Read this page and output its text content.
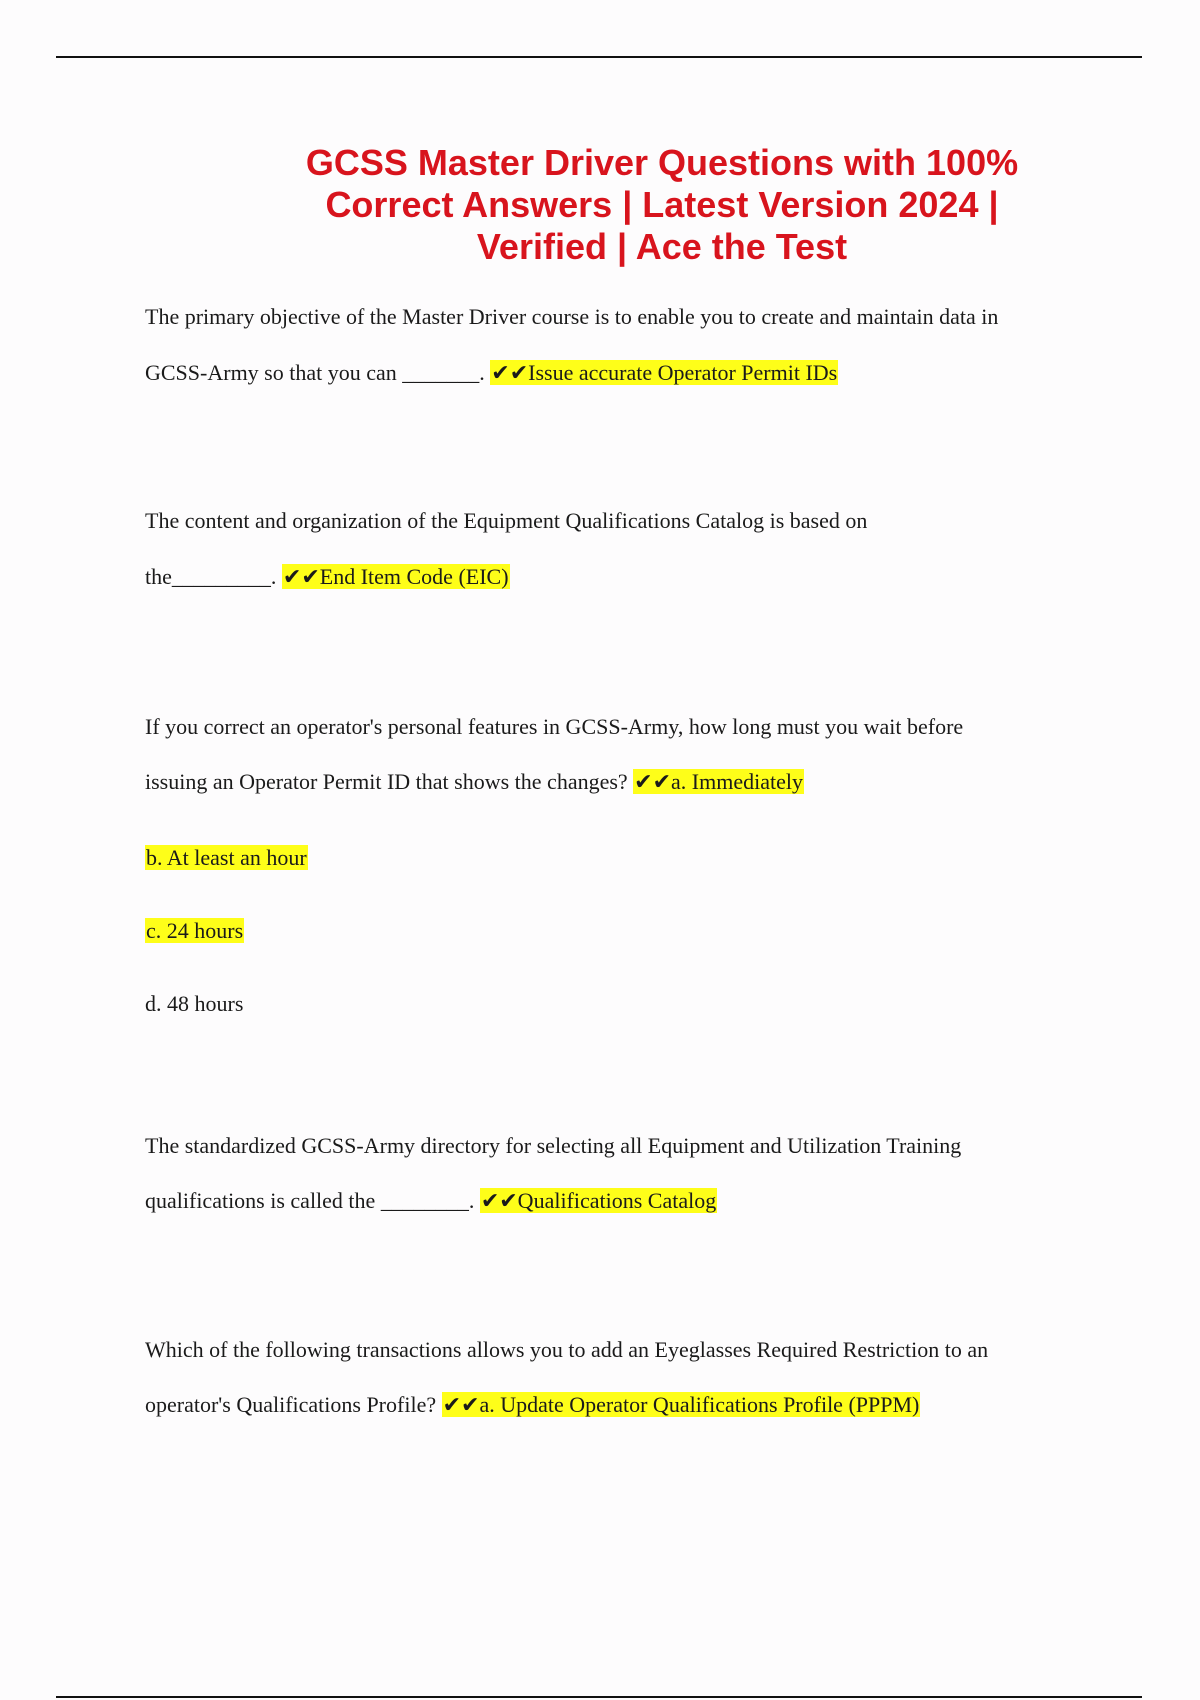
GCSS Master Driver Questions with 100%
Correct Answers | Latest Version 2024 |
Verified | Ace the Test
The primary objective of the Master Driver course is to enable you to create and maintain data in
GCSS-Army so that you can _______. ✔✔Issue accurate Operator Permit IDs
The content and organization of the Equipment Qualifications Catalog is based on
the_________. ✔✔End Item Code (EIC)
If you correct an operator's personal features in GCSS-Army, how long must you wait before
issuing an Operator Permit ID that shows the changes? ✔✔a. Immediately
b. At least an hour
c. 24 hours
d. 48 hours
The standardized GCSS-Army directory for selecting all Equipment and Utilization Training
qualifications is called the ________. ✔✔Qualifications Catalog
Which of the following transactions allows you to add an Eyeglasses Required Restriction to an
operator's Qualifications Profile? ✔✔a. Update Operator Qualifications Profile (PPPM)
